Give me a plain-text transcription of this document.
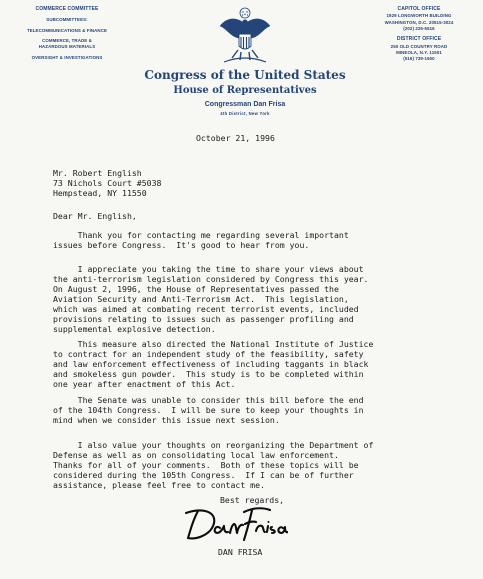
COMMERCE COMMITTEE
SUBCOMMITTEES:
TELECOMMUNICATIONS & FINANCE
COMMERCE, TRADE &
HAZARDOUS MATERIALS
OVERSIGHT & INVESTIGATIONS
CAPITOL OFFICE
1929 LONGWORTH BUILDING
WASHINGTON, D.C. 20515-3024
(202) 225-5516
DISTRICT OFFICE
250 OLD COUNTRY ROAD
MINEOLA, N.Y. 11501
(516) 739-1600
Congress of the United States
House of Representatives
Congressman Dan Frisa
4th District, New York
October 21, 1996
Mr. Robert English
73 Nichols Court #5038
Hempstead, NY 11550
Dear Mr. English,
Thank you for contacting me regarding several important
issues before Congress.  It's good to hear from you.
I appreciate you taking the time to share your views about
the anti-terrorism legislation considered by Congress this year.
On August 2, 1996, the House of Representatives passed the
Aviation Security and Anti-Terrorism Act.  This legislation,
which was aimed at combating recent terrorist events, included
provisions relating to issues such as passenger profiling and
supplemental explosive detection.
This measure also directed the National Institute of Justice
to contract for an independent study of the feasibility, safety
and law enforcement effectiveness of including taggants in black
and smokeless gun powder.  This study is to be completed within
one year after enactment of this Act.
The Senate was unable to consider this bill before the end
of the 104th Congress.  I will be sure to keep your thoughts in
mind when we consider this issue next session.
I also value your thoughts on reorganizing the Department of
Defense as well as on consolidating local law enforcement.
Thanks for all of your comments.  Both of these topics will be
considered during the 105th Congress.  If I can be of further
assistance, please feel free to contact me.
Best regards,
DAN FRISA
